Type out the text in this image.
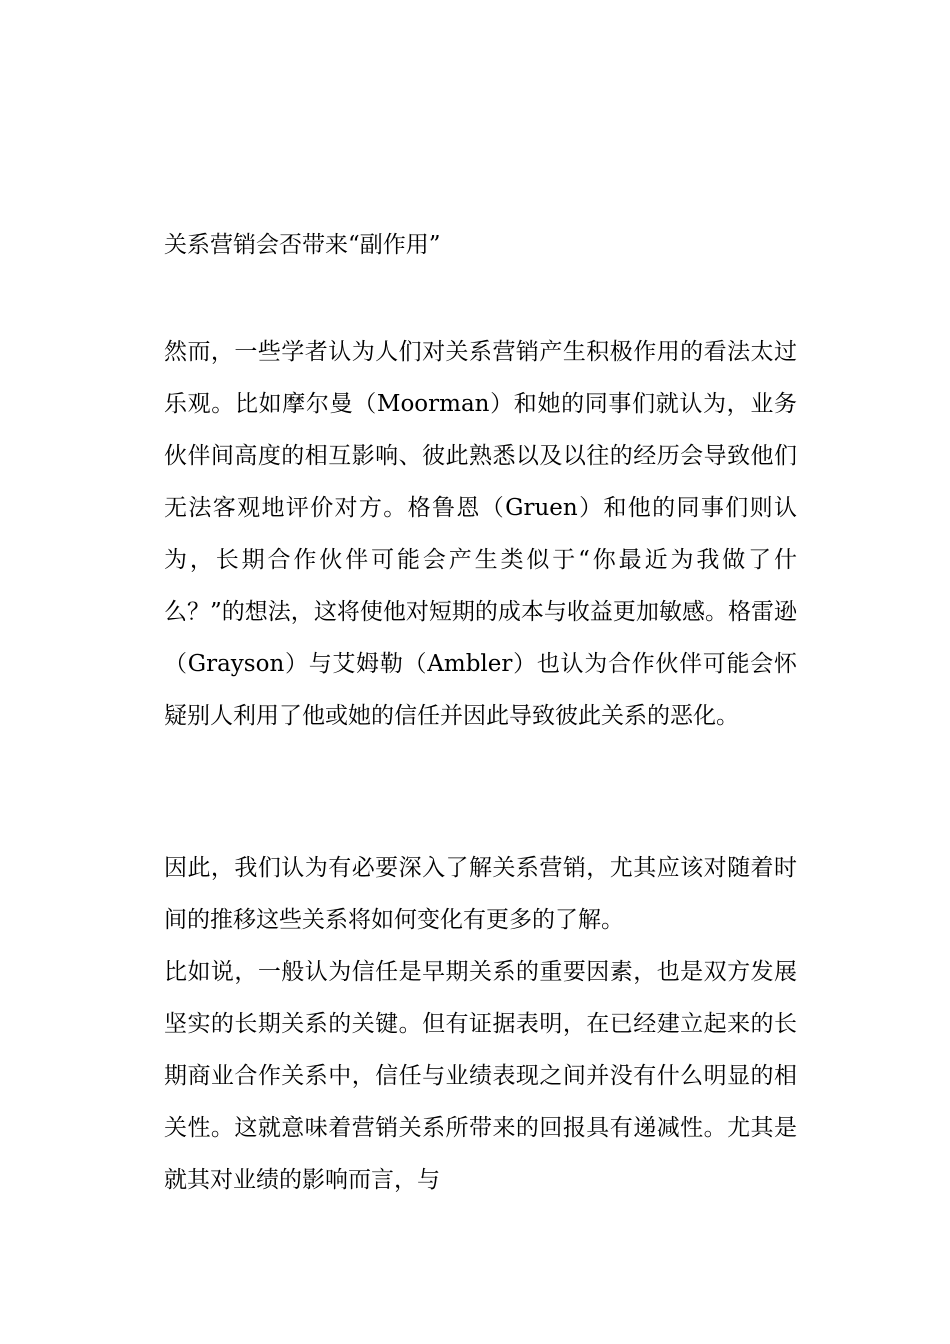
关系营销会否带来“副作用”
然而，一些学者认为人们对关系营销产生积极作用的看法太过乐观。比如摩尔曼（Moorman）和她的同事们就认为，业务伙伴间高度的相互影响、彼此熟悉以及以往的经历会导致他们无法客观地评价对方。格鲁恩（Gruen）和他的同事们则认为，长期合作伙伴可能会产生类似于“你最近为我做了什么？”的想法，这将使他对短期的成本与收益更加敏感。格雷逊（Grayson）与艾姆勒（Ambler）也认为合作伙伴可能会怀疑别人利用了他或她的信任并因此导致彼此关系的恶化。
因此，我们认为有必要深入了解关系营销，尤其应该对随着时间的推移这些关系将如何变化有更多的了解。
比如说，一般认为信任是早期关系的重要因素，也是双方发展坚实的长期关系的关键。但有证据表明，在已经建立起来的长期商业合作关系中，信任与业绩表现之间并没有什么明显的相关性。这就意味着营销关系所带来的回报具有递减性。尤其是就其对业绩的影响而言，与
